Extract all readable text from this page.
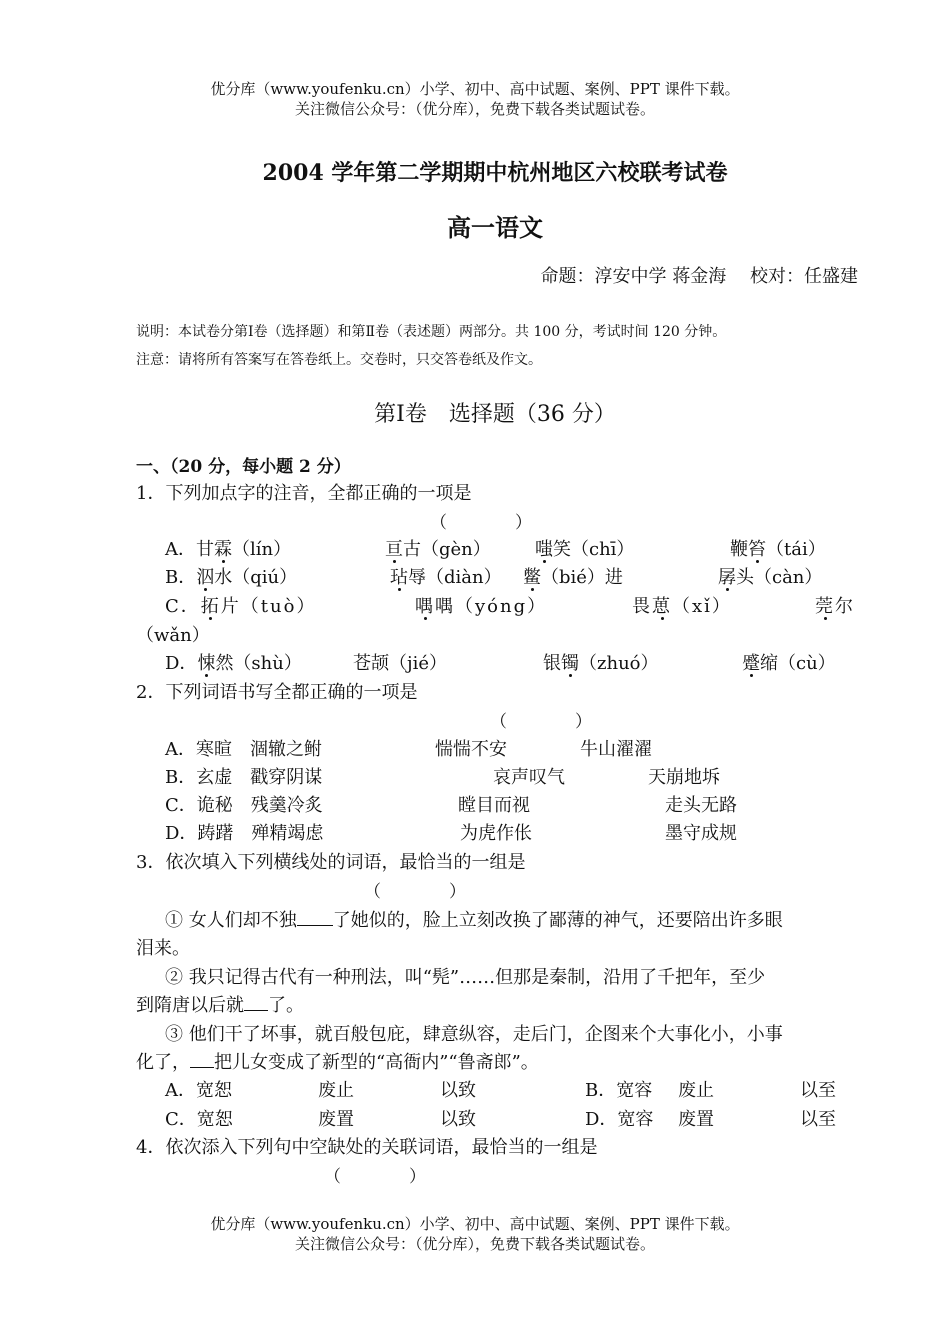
优分库（www.youfenku.cn）小学、初中、高中试题、案例、PPT 课件下载。
关注微信公众号：（优分库），免费下载各类试题试卷。
2004 学年第二学期期中杭州地区六校联考试卷
高一语文
命题：淳安中学 蒋金海　 校对：任盛建
说明：本试卷分第Ⅰ卷（选择题）和第Ⅱ卷（表述题）两部分。共 100 分，考试时间 120 分钟。
注意：请将所有答案写在答卷纸上。交卷时，只交答卷纸及作文。
第Ⅰ卷　选择题（36 分）
一、（20 分，每小题 2 分）
1．下列加点字的注音，全都正确的一项是
（　　　　）
A．甘霖（lín）	亘古（gèn） 嗤笑（chī）	鞭笞（tái）
B．泅水（qiú）	玷辱（diàn） 鳖（bié）进	孱头（càn）
C．拓片（tuò）	喁喁（yóng）	畏葸（xǐ）	莞尔
（wǎn）
D．悚然（shù）	苍颉（jié）	银镯（zhuó）	蹙缩（cù）
2．下列词语书写全都正确的一项是
（　　　　）
A．寒暄　涸辙之鲋	惴惴不安	牛山濯濯
B．玄虚　戳穿阴谋	哀声叹气	天崩地坼
C．诡秘　残羹冷炙	瞠目而视	走头无路
D．踌躇　殚精竭虑	为虎作伥	墨守成规
3．依次填入下列横线处的词语，最恰当的一组是
（　　　　）
① 女人们却不独 了她似的，脸上立刻改换了鄙薄的神气，还要陪出许多眼
泪来。
② 我只记得古代有一种刑法，叫“髡”……但那是秦制，沿用了千把年，至少
到隋唐以后就 了。
③ 他们干了坏事，就百般包庇，肆意纵容，走后门，企图来个大事化小，小事
化了， 把儿女变成了新型的“高衙内”“鲁斋郎”。
A．宽恕	废止	以致	B．宽容 废止	以至
C．宽恕	废置	以致	D．宽容 废置	以至
4．依次添入下列句中空缺处的关联词语，最恰当的一组是
（　　　　）
优分库（www.youfenku.cn）小学、初中、高中试题、案例、PPT 课件下载。
关注微信公众号：（优分库），免费下载各类试题试卷。
